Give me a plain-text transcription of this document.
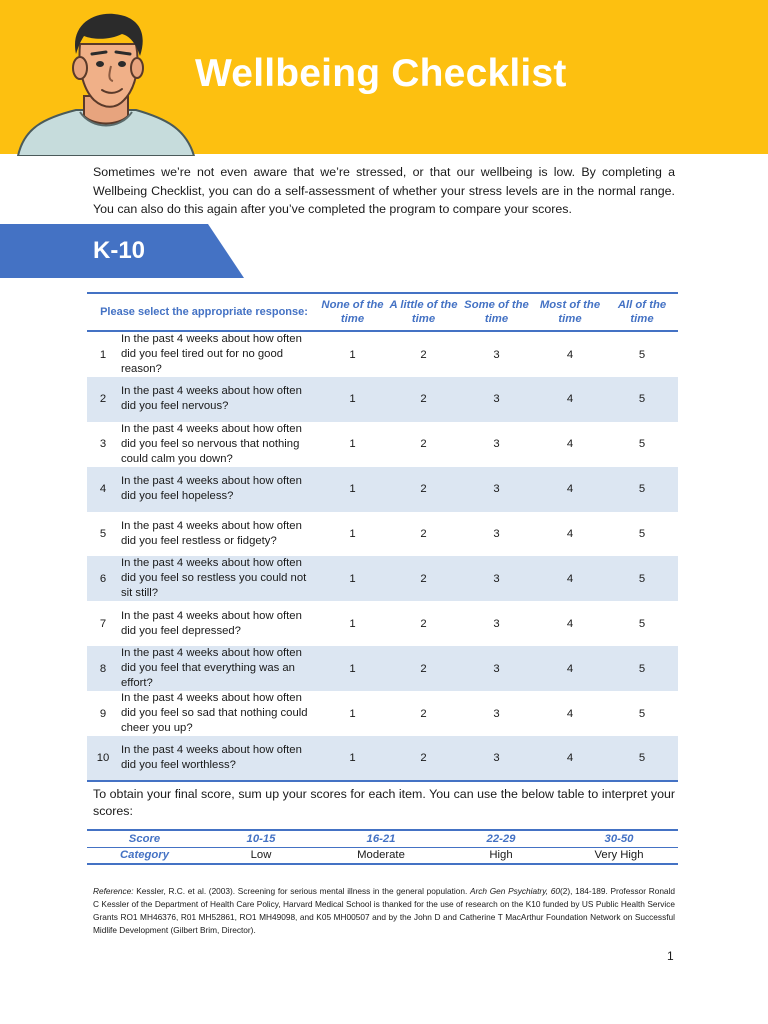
Wellbeing Checklist

Sometimes we’re not even aware that we’re stressed, or that our wellbeing is low. By completing a Wellbeing Checklist, you can do a self-assessment of whether your stress levels are in the normal range. You can also do this again after you’ve completed the program to compare your scores.

K-10
Please select the appropriate response:		None of the time	A little of the time	Some of the time	Most of the time	All of the time
1	In the past 4 weeks about how often did you feel tired out for no good reason?	1	2	3	4	5
2	In the past 4 weeks about how often did you feel nervous?	1	2	3	4	5
3	In the past 4 weeks about how often did you feel so nervous that nothing could calm you down?	1	2	3	4	5
4	In the past 4 weeks about how often did you feel hopeless?	1	2	3	4	5
5	In the past 4 weeks about how often did you feel restless or fidgety?	1	2	3	4	5
6	In the past 4 weeks about how often did you feel so restless you could not sit still?	1	2	3	4	5
7	In the past 4 weeks about how often did you feel depressed?	1	2	3	4	5
8	In the past 4 weeks about how often did you feel that everything was an effort?	1	2	3	4	5
9	In the past 4 weeks about how often did you feel so sad that nothing could cheer you up?	1	2	3	4	5
10	In the past 4 weeks about how often did you feel worthless?	1	2	3	4	5

To obtain your final score, sum up your scores for each item. You can use the below table to interpret your scores:

Score	10-15	16-21	22-29	30-50
Category	Low	Moderate	High	Very High

Reference: Kessler, R.C. et al. (2003). Screening for serious mental illness in the general population. Arch Gen Psychiatry, 60(2), 184-189. Professor Ronald C Kessler of the Department of Health Care Policy, Harvard Medical School is thanked for the use of research on the K10 funded by US Public Health Service Grants RO1 MH46376, R01 MH52861, RO1 MH49098, and K05 MH00507 and by the John D and Catherine T MacArthur Foundation Network on Successful Midlife Development (Gilbert Brim, Director).

1
